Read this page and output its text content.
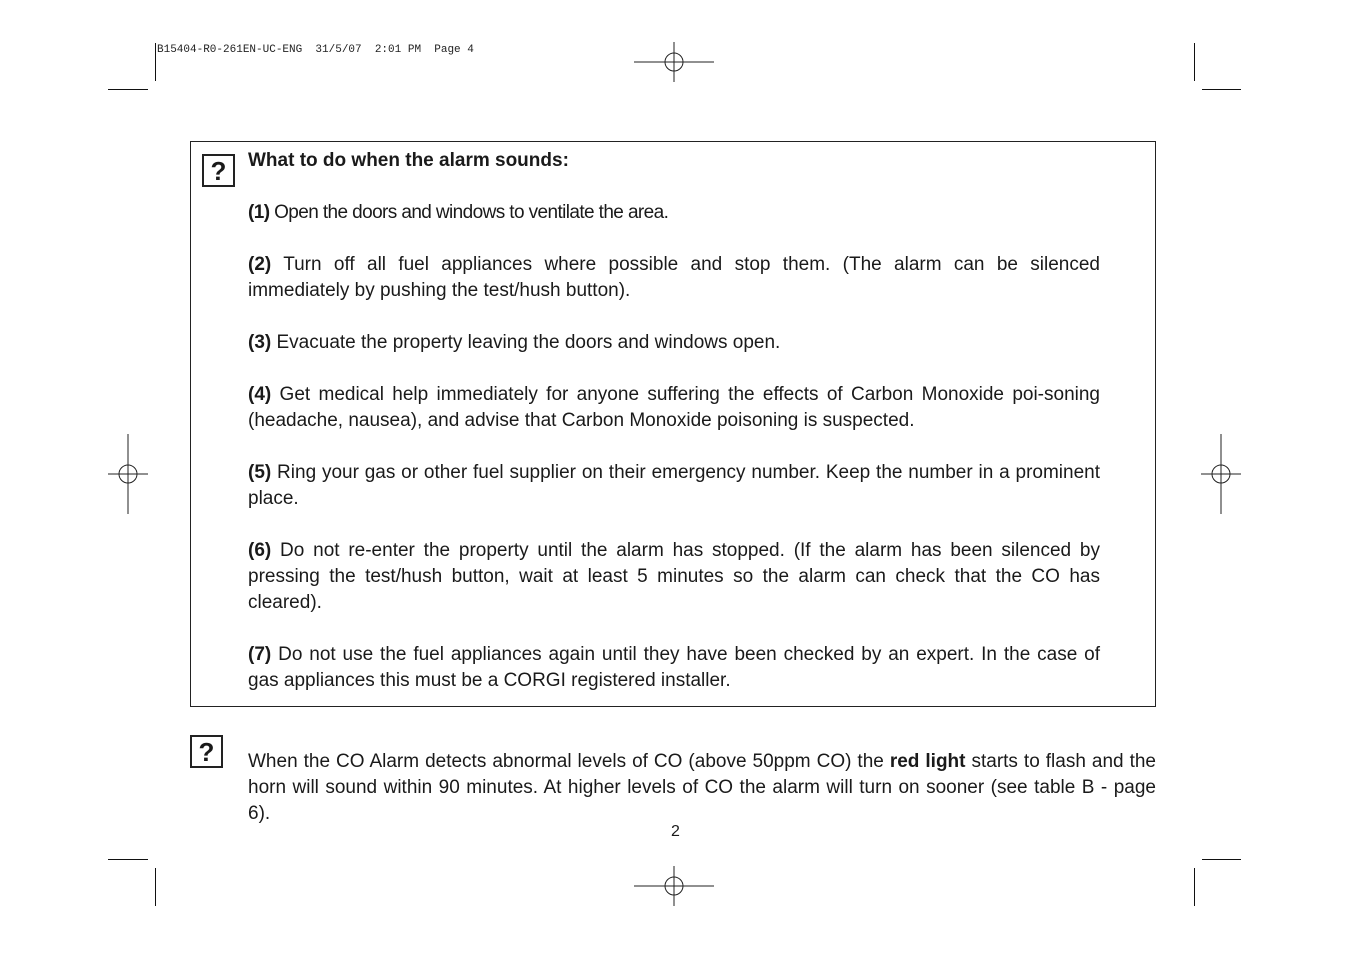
B15404-R0-261EN-UC-ENG  31/5/07  2:01 PM  Page 4
?	What to do when the alarm sounds:

(1) Open the doors and windows to ventilate the area.

(2) Turn off all fuel appliances where possible and stop them. (The alarm can be silenced immediately by pushing the test/hush button).

(3) Evacuate the property leaving the doors and windows open.

(4) Get medical help immediately for anyone suffering the effects of Carbon Monoxide poi-soning (headache, nausea), and advise that Carbon Monoxide poisoning is suspected.

(5) Ring your gas or other fuel supplier on their emergency number. Keep the number in a prominent place.

(6) Do not re-enter the property until the alarm has stopped. (If the alarm has been silenced by pressing the test/hush button, wait at least 5 minutes so the alarm can check that the CO has cleared).

(7) Do not use the fuel appliances again until they have been checked by an expert. In the case of gas appliances this must be a CORGI registered installer.

?	When the CO Alarm detects abnormal levels of CO (above 50ppm CO) the red light starts to flash and the horn will sound within 90 minutes. At higher levels of CO the alarm will turn on sooner (see table B - page 6).

2
